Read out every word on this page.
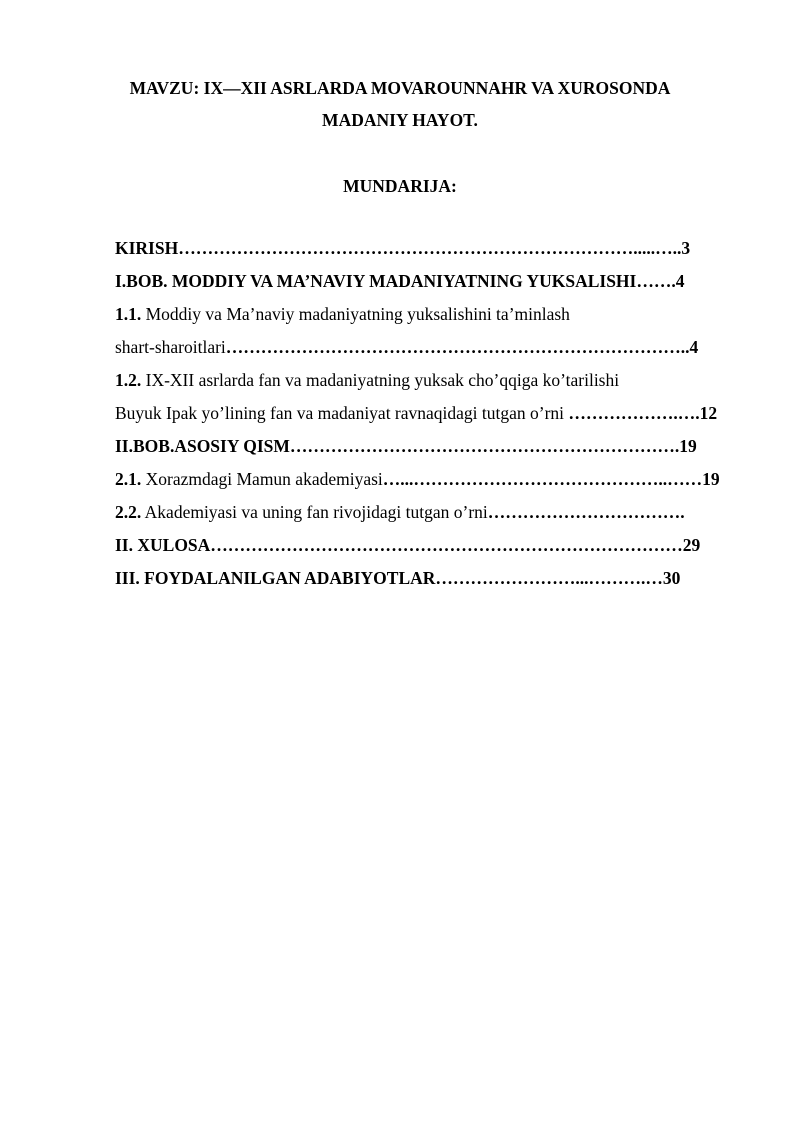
MAVZU: IX—XII ASRLARDA MOVAROUNNAHR VA XUROSONDA
MADANIY HAYOT.
MUNDARIJA:
KIRISH…………………………………………………………………….....…..3
I.BOB. MODDIY VA MA’NAVIY MADANIYATNING YUKSALISHI…….4
1.1. Moddiy va Ma’naviy madaniyatning yuksalishini ta’minlash
shart-sharoitlari……………………………………………………………………..4
1.2. IX-XII asrlarda fan va madaniyatning yuksak cho’qqiga ko’tarilishi
Buyuk Ipak yo’lining fan va madaniyat ravnaqidagi tutgan o’rni ……………….….12
II.BOB.ASOSIY QISM………………………………………………………….19
2.1. Xorazmdagi Mamun akademiyasi…...……………………………………..……19
2.2. Akademiyasi va uning fan rivojidagi tutgan o’rni…………………………….
II. XULOSA………………………………………………………………………29
III. FOYDALANILGAN ADABIYOTLAR……………………...……….…30
